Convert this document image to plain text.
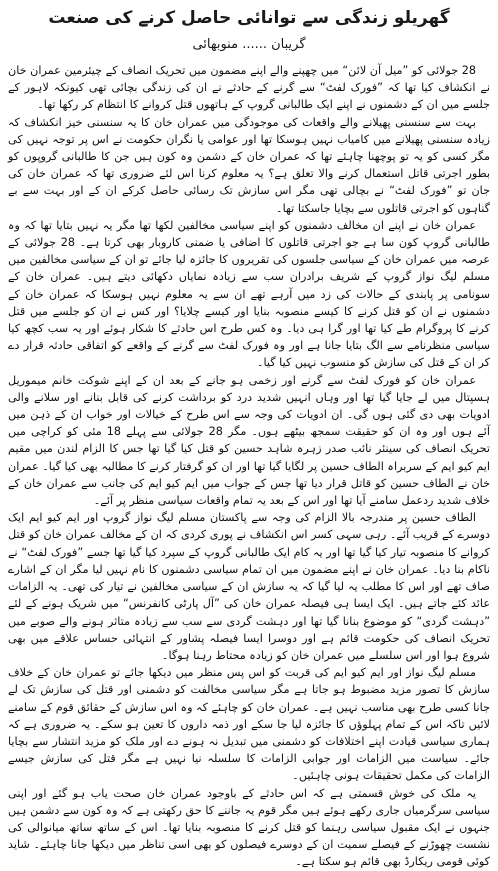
گھریلو زندگی سے توانائی حاصل کرنے کی صنعت
گریبان ...... منوبھائی

28 جولائی کو ”میل آن لائن“ میں چھپنے والے اپنے مضمون میں تحریک انصاف کے چیئرمین عمران خان نے انکشاف کیا تھا کہ ”فورک لفٹ“ سے گرنے کے حادثے نے ان کی زندگی بچائی تھی کیونکہ لاہور کے جلسے میں ان کے دشمنوں نے اپنے ایک طالبانی گروپ کے ہاتھوں قتل کروانے کا انتظام کر رکھا تھا۔

بہت سے سنسنی پھیلانے والے واقعات کی موجودگی میں عمران خان کا یہ سنسنی خیز انکشاف کہ زیادہ سنسنی پھیلانے میں کامیاب نہیں ہوسکا تھا اور عوامی یا نگران حکومت نے اس پر توجہ نہیں کی مگر کسی کو یہ تو پوچھنا چاہئے تھا کہ عمران خان کے دشمن وہ کون ہیں جن کا طالبانی گروپوں کو بطور اجرتی قاتل استعمال کرنے والا تعلق ہے؟ یہ معلوم کرنا اس لئے ضروری تھا کہ عمران خان کی جان تو ”فورک لفٹ“ نے بچالی تھی مگر اس سازش تک رسائی حاصل کرکے ان کے اور بہت سے بے گناہوں کو اجرتی قاتلوں سے بچایا جاسکتا تھا۔

عمران خان نے اپنے ان مخالف دشمنوں کو اپنے سیاسی مخالفین لکھا تھا مگر یہ نہیں بتایا تھا کہ وہ طالبانی گروپ کون سا ہے جو اجرتی قاتلوں کا اضافی یا ضمنی کاروبار بھی کرتا ہے۔ 28 جولائی کے عرصہ میں عمران خان کے سیاسی جلسوں کی تقریروں کا جائزہ لیا جائے تو ان کے سیاسی مخالفین میں مسلم لیگ نواز گروپ کے شریف برادران سب سے زیادہ نمایاں دکھائی دیتے ہیں۔ عمران خان کے سونامی پر پابندی کے حالات کی زد میں آرہے تھے ان سے یہ معلوم نہیں ہوسکا کہ عمران خان کے دشمنوں نے ان کو قتل کرنے کا کیسے منصوبہ بنایا اور کیسے چلایا؟ اور کس نے ان کو جلسے میں قتل کرنے کا پروگرام طے کیا تھا اور گرا ہی دیا۔ وہ کس طرح اس حادثے کا شکار ہوئے اور یہ سب کچھ کیا سیاسی منظرنامے سے الگ بتایا جانا ہے اور وہ فورک لفٹ سے گرنے کے واقعے کو اتفاقی حادثہ قرار دے کر ان کے قتل کی سازش کو منسوب نہیں کیا گیا۔

عمران خان کو فورک لفٹ سے گرنے اور زخمی ہو جانے کے بعد ان کے اپنے شوکت خانم میموریل ہسپتال میں لے جایا گیا تھا اور وہاں انہیں شدید درد کو برداشت کرنے کی قابل بنانے اور سلانے والی ادویات بھی دی گئی ہوں گی۔ ان ادویات کی وجہ سے اس طرح کے خیالات اور خواب ان کے ذہن میں آئے ہوں اور وہ ان کو حقیقت سمجھ بیٹھے ہوں۔ مگر 28 جولائی سے پہلے 18 مئی کو کراچی میں تحریک انصاف کی سینئر نائب صدر زہرہ شاہد حسین کو قتل کیا گیا تھا جس کا الزام لندن میں مقیم ایم کیو ایم کے سربراہ الطاف حسین پر لگایا گیا تھا اور ان کو گرفتار کرنے کا مطالبہ بھی کیا گیا۔ عمران خان نے الطاف حسین کو قاتل قرار دیا تھا جس کے جواب میں ایم کیو ایم کی جانب سے عمران خان کے خلاف شدید ردعمل سامنے آیا تھا اور اس کے بعد یہ تمام واقعات سیاسی منظر پر آئے۔

الطاف حسین پر مندرجہ بالا الزام کی وجہ سے پاکستان مسلم لیگ نواز گروپ اور ایم کیو ایم ایک دوسرے کے قریب آئے۔ رہی سہی کسر اس انکشاف نے پوری کردی کہ ان کے مخالف عمران خان کو قتل کروانے کا منصوبہ تیار کیا گیا تھا اور یہ کام ایک طالبانی گروپ کے سپرد کیا گیا تھا جسے ”فورک لفٹ“ نے ناکام بنا دیا۔ عمران خان نے اپنے مضمون میں ان تمام سیاسی دشمنوں کا نام نہیں لیا مگر ان کے اشارے صاف تھے اور اس کا مطلب یہ لیا گیا کہ یہ سازش ان کے سیاسی مخالفین نے تیار کی تھی۔ یہ الزامات عائد کئے جاتے ہیں۔ ایک ایسا ہی فیصلہ عمران خان کی ”آل پارٹی کانفرنس“ میں شریک ہونے کے لئے ”دہشت گردی“ کو موضوع بنانا گیا تھا اور دہشت گردی سے سب سے زیادہ متاثر ہونے والے صوبے میں تحریک انصاف کی حکومت قائم ہے اور دوسرا ایسا فیصلہ پشاور کے انتہائی حساس علاقے میں بھی شروع ہوا اور اس سلسلے میں عمران خان کو زیادہ محتاط رہنا ہوگا۔

مسلم لیگ نواز اور ایم کیو ایم کی قربت کو اس پس منظر میں دیکھا جائے تو عمران خان کے خلاف سازش کا تصور مزید مضبوط ہو جاتا ہے مگر سیاسی مخالفت کو دشمنی اور قتل کی سازش تک لے جانا کسی طرح بھی مناسب نہیں ہے۔ عمران خان کو چاہئے کہ وہ اس سازش کے حقائق قوم کے سامنے لائیں تاکہ اس کے تمام پہلوؤں کا جائزہ لیا جا سکے اور ذمہ داروں کا تعین ہو سکے۔ یہ ضروری ہے کہ ہماری سیاسی قیادت اپنے اختلافات کو دشمنی میں تبدیل نہ ہونے دے اور ملک کو مزید انتشار سے بچایا جائے۔ سیاست میں الزامات اور جوابی الزامات کا سلسلہ نیا نہیں ہے مگر قتل کی سازش جیسے الزامات کی مکمل تحقیقات ہونی چاہئیں۔

یہ ملک کی خوش قسمتی ہے کہ اس حادثے کے باوجود عمران خان صحت یاب ہو گئے اور اپنی سیاسی سرگرمیاں جاری رکھے ہوئے ہیں مگر قوم یہ جاننے کا حق رکھتی ہے کہ وہ کون سے دشمن ہیں جنہوں نے ایک مقبول سیاسی رہنما کو قتل کرنے کا منصوبہ بنایا تھا۔ اس کے ساتھ ساتھ میانوالی کی نشست چھوڑنے کے فیصلے سمیت ان کے دوسرے فیصلوں کو بھی اسی تناظر میں دیکھا جانا چاہئے۔ شاید کوئی قومی ریکارڈ بھی قائم ہو سکتا ہے۔
